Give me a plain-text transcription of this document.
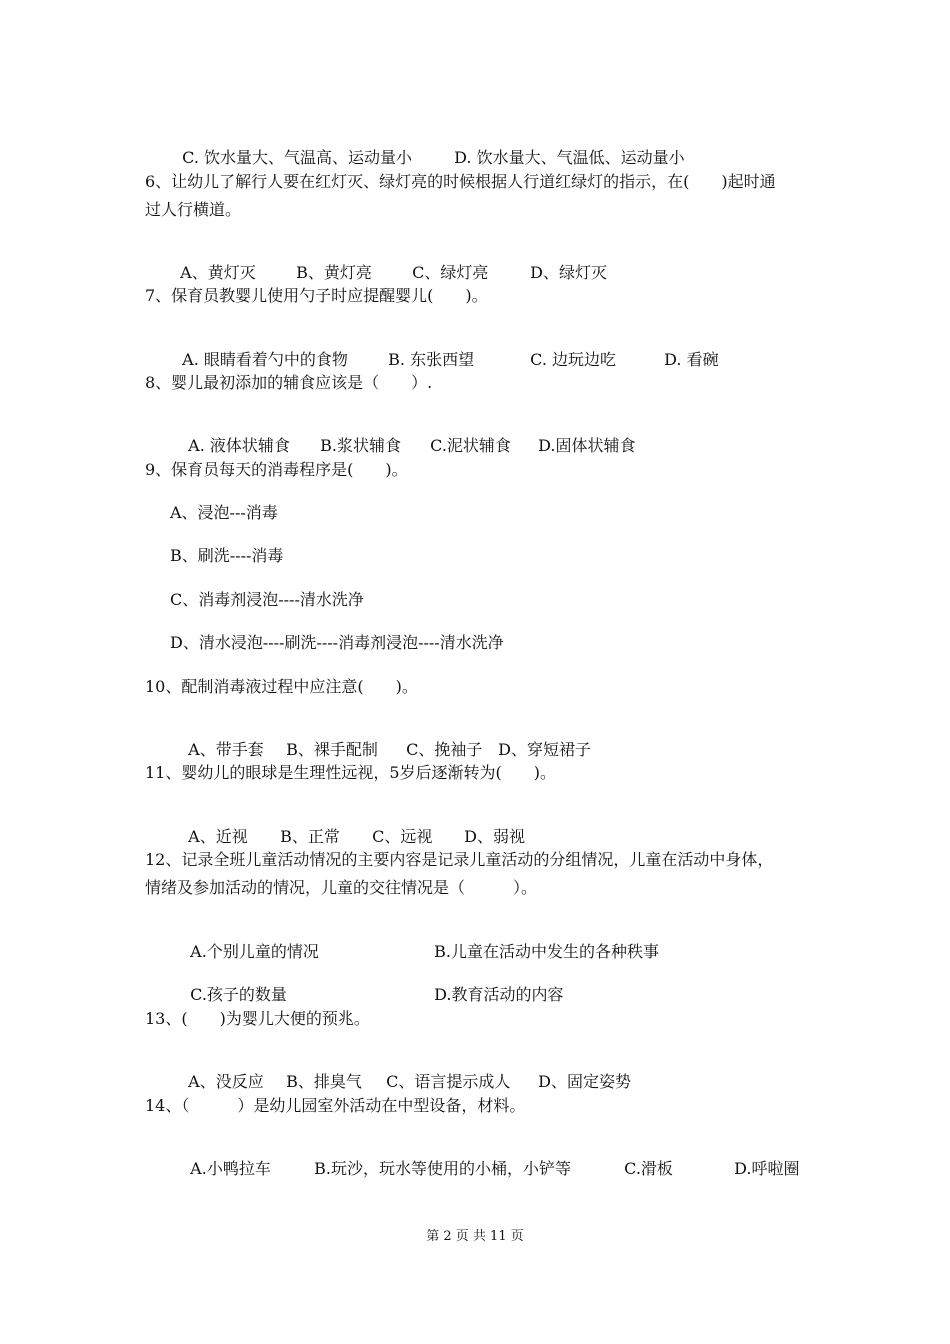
C. 饮水量大、气温高、运动量小	D. 饮水量大、气温低、运动量小

6、让幼儿了解行人要在红灯灭、绿灯亮的时候根据人行道红绿灯的指示，在(　　)起时通
过人行横道。

A、黄灯灭	B、黄灯亮	C、绿灯亮	D、绿灯灭

7、保育员教婴儿使用勺子时应提醒婴儿(　　)。

A. 眼睛看着勺中的食物	B. 东张西望	C. 边玩边吃	D. 看碗

8、婴儿最初添加的辅食应该是（　　）.

A. 液体状辅食 B.浆状辅食 C.泥状辅食 D.固体状辅食

9、保育员每天的消毒程序是(　　)。
A、浸泡---消毒
B、刷洗----消毒
C、消毒剂浸泡----清水洗净
D、清水浸泡----刷洗----消毒剂浸泡----清水洗净
10、配制消毒液过程中应注意(　　)。

A、带手套 B、裸手配制 C、挽袖子 D、穿短裙子

11、婴幼儿的眼球是生理性远视，5岁后逐渐转为(　　)。

A、近视 B、正常 C、远视 D、弱视

12、记录全班儿童活动情况的主要内容是记录儿童活动的分组情况，儿童在活动中身体，
情绪及参加活动的情况，儿童的交往情况是（　　　）。

A.个别儿童的情况	B.儿童在活动中发生的各种秩事

C.孩子的数量	D.教育活动的内容

13、(　　)为婴儿大便的预兆。

A、没反应 B、排臭气 C、语言提示成人 D、固定姿势

14、（　　　）是幼儿园室外活动在中型设备，材料。

A.小鸭拉车	B.玩沙，玩水等使用的小桶，小铲等	C.滑板	D.呼啦圈

第 2 页 共 11 页
